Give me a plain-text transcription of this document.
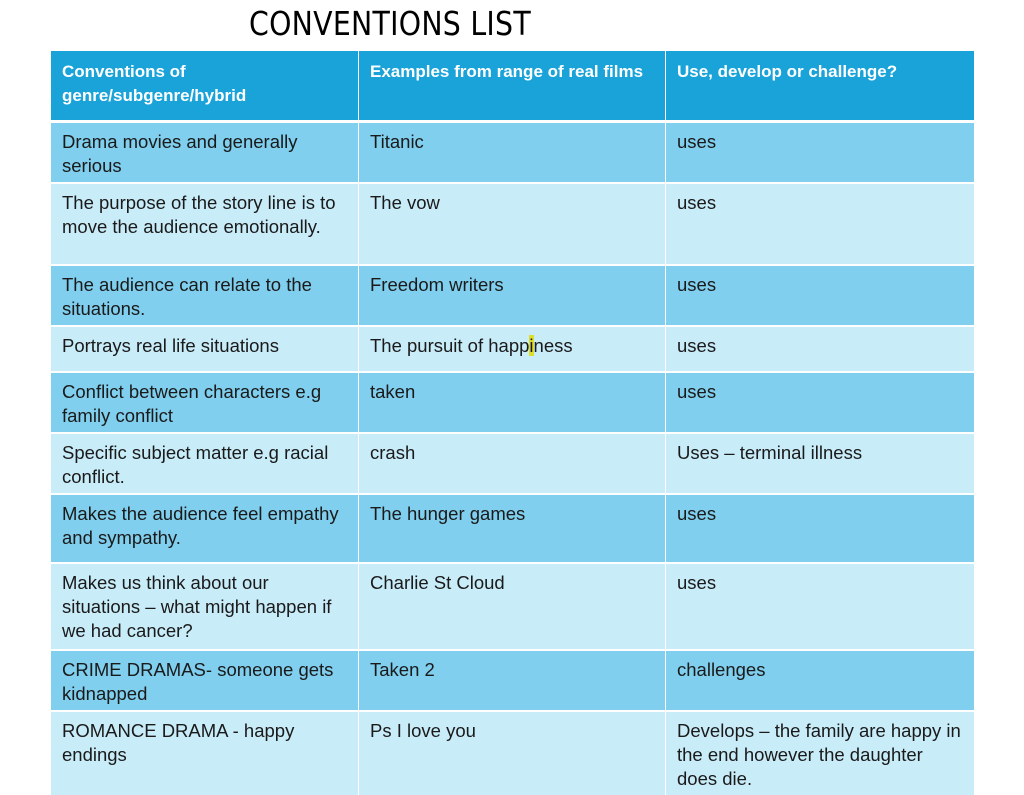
CONVENTIONS LIST
Conventions of genre/subgenre/hybrid	Examples from range of real films	Use, develop or challenge?
Drama movies and generally serious	Titanic	uses
The purpose of the story line is to move the audience emotionally.	The vow	uses
The audience can relate to the situations.	Freedom writers	uses
Portrays real life situations	The pursuit of happiness	uses
Conflict between characters e.g family conflict	taken	uses
Specific subject matter e.g racial conflict.	crash	Uses – terminal illness
Makes the audience feel empathy and sympathy.	The hunger games	uses
Makes us think about our situations – what might happen if we had cancer?	Charlie St Cloud	uses
CRIME DRAMAS- someone gets kidnapped	Taken 2	challenges
ROMANCE DRAMA - happy endings	Ps I love you	Develops – the family are happy in the end however the daughter does die.
